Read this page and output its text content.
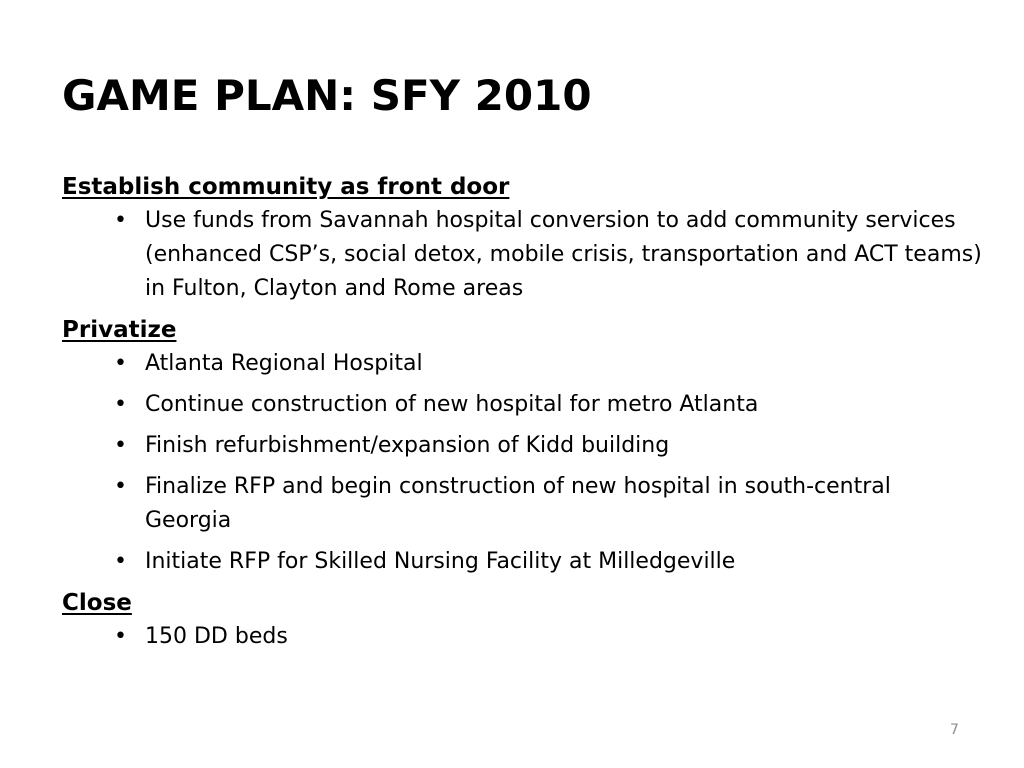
GAME PLAN: SFY 2010
Establish community as front door
• Use funds from Savannah hospital conversion to add community services (enhanced CSP’s, social detox, mobile crisis, transportation and ACT teams) in Fulton, Clayton and Rome areas
Privatize
• Atlanta Regional Hospital
• Continue construction of new hospital for metro Atlanta
• Finish refurbishment/expansion of Kidd building
• Finalize RFP and begin construction of new hospital in south-central Georgia
• Initiate RFP for Skilled Nursing Facility at Milledgeville
Close
• 150 DD beds
7
